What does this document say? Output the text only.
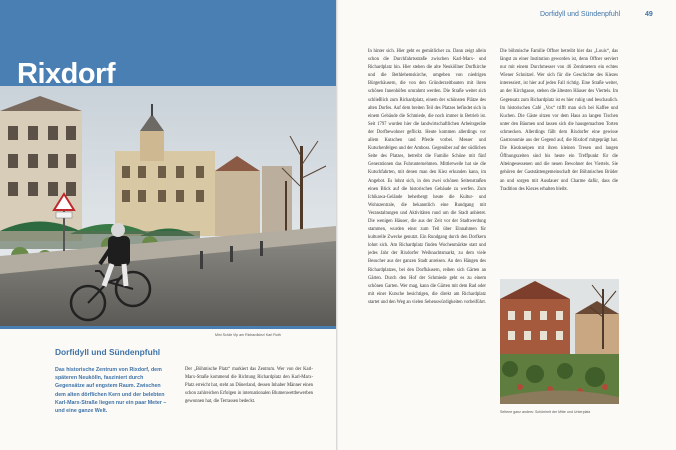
Rixdorf
Mini Schär Vip am Richardkiez/ Karl Roth
Dorfidyll und Sündenpfuhl

Das historische Zentrum von Rixdorf, dem späteren Neukölln, fasziniert durch Gegensätze auf engstem Raum. Zwischen dem alten dörflichen Kern und der belebten Karl-Marx-Straße liegen nur ein paar Meter – und eine ganze Welt.

Der „Böhmische Platz“ markiert das Zentrum. Wer von der Karl-Marx-Straße kommend die Richtung Richardplatz den Karl-Marx-Platz erreicht hat, steht an Dönerland, dessen Inhaber Männer einen schon zahlreichen Erfolgen in internationalen Blumenwettbewerben gewonnen hat, die Terrassen bedeckt.

Dorfidyll und Sündenpfuhl	49

In hinter sich. Hier geht es gemütlicher zu. Dann zeigt allein schon die Durchfahrtsstraße zwischen Karl-Marx- und Richardplatz hin. Hier stehen die alte Neuköllner Dorfkirche und die Bethlehemskirche, umgeben von niedrigen Bürgerhäusern, die von den Gründerzeitbauten mit ihren schönen Innenhöfen umrahmt werden. Die Straße weitet sich schließlich zum Richardplatz, einem der schönsten Plätze des alten Dorfes. Auf dem breiten Teil des Platzes befindet sich in einem Gebäude die Schmiede, die noch immer in Betrieb ist. Seit 1797 wurden hier die landwirtschaftlichen Arbeitsgeräte der Dorfbewohner geflickt. Heute kommen allerdings vor allem Kutschen und Pferde vorbei. Messer und Kutschenfelgen und der Amboss. Gegenüber auf der südlichen Seite des Platzes, betreibt die Familie Schöne mit fünf Generationen das Fuhrunternehmen. Mittlerweile hat sie die Kutschfahrten, mit denen man den Kiez erkunden kann, im Angebot. Es lohnt sich, in den zwei schönen Seitenstraßen einen Blick auf die historischen Gebäude zu werfen. Zum Ichikawa-Gelände beherbergt heute die Kultur- und Wohnzentrale, die bekanntlich eine Rundgang mit Veranstaltungen und Aktivitäten rund um die Stadt anbietet. Die wenigen Häuser, die aus der Zeit vor der Stadtwerdung stammen, wurden einst zum Teil über Einnahmen für kulturelle Zwecke genutzt. Ein Rundgang durch den Dorfkern lohnt sich. Am Richardplatz finden Wochenmärkte statt und jedes Jahr der Rixdorfer Weihnachtsmarkt, zu dem viele Besucher aus der ganzen Stadt anreisen. An den Hängen des Richardplatzes, bei den Dorfhäusern, reihen sich Gärten an Gärten. Durch den Hof der Schmiede geht es zu einem schönen Garten. Wer mag, kann die Gärten mit dem Rad oder mit einer Kutsche besichtigen, die direkt am Richardplatz startet und den Weg an vielen Sehenswürdigkeiten vorbeiführt.

Die böhmische Familie Offner betreibt hier das „Louis“, das längst zu einer Institution geworden ist, denn Offner serviert nur mit einem Durchmesser von 46 Zentimetern ein echtes Wiener Schnitzel. Wer sich für die Geschichte des Kiezes interessiert, ist hier auf jeden Fall richtig. Eine Straße weiter, an der Kirchgasse, stehen die ältesten Häuser des Viertels. Im Gegensatz zum Richardplatz ist es hier ruhig und beschaulich. Im historischen Café „Vox“ trifft man sich bei Kaffee und Kuchen. Die Gäste sitzen vor dem Haus an langen Tischen unter den Bäumen und lassen sich die hausgemachten Torten schmecken. Allerdings fällt dem Rixdorfer eine gewisse Gastronomie aus der Gegend auf, die Rixdorf mitgeprägt hat. Die Kiezkneipen mit ihren kleinen Tresen und langen Öffnungszeiten sind bis heute ein Treffpunkt für die Alteingesessenen und die neuen Bewohner des Viertels. Sie gehören der Gaststättengemeinschaft der Böhmischen Brüder an und sorgen mit Ausdauer und Charme dafür, dass die Tradition des Kiezes erhalten bleibt.

Seltene ganz anders: Schönheit der Mitte und Unterplatz
